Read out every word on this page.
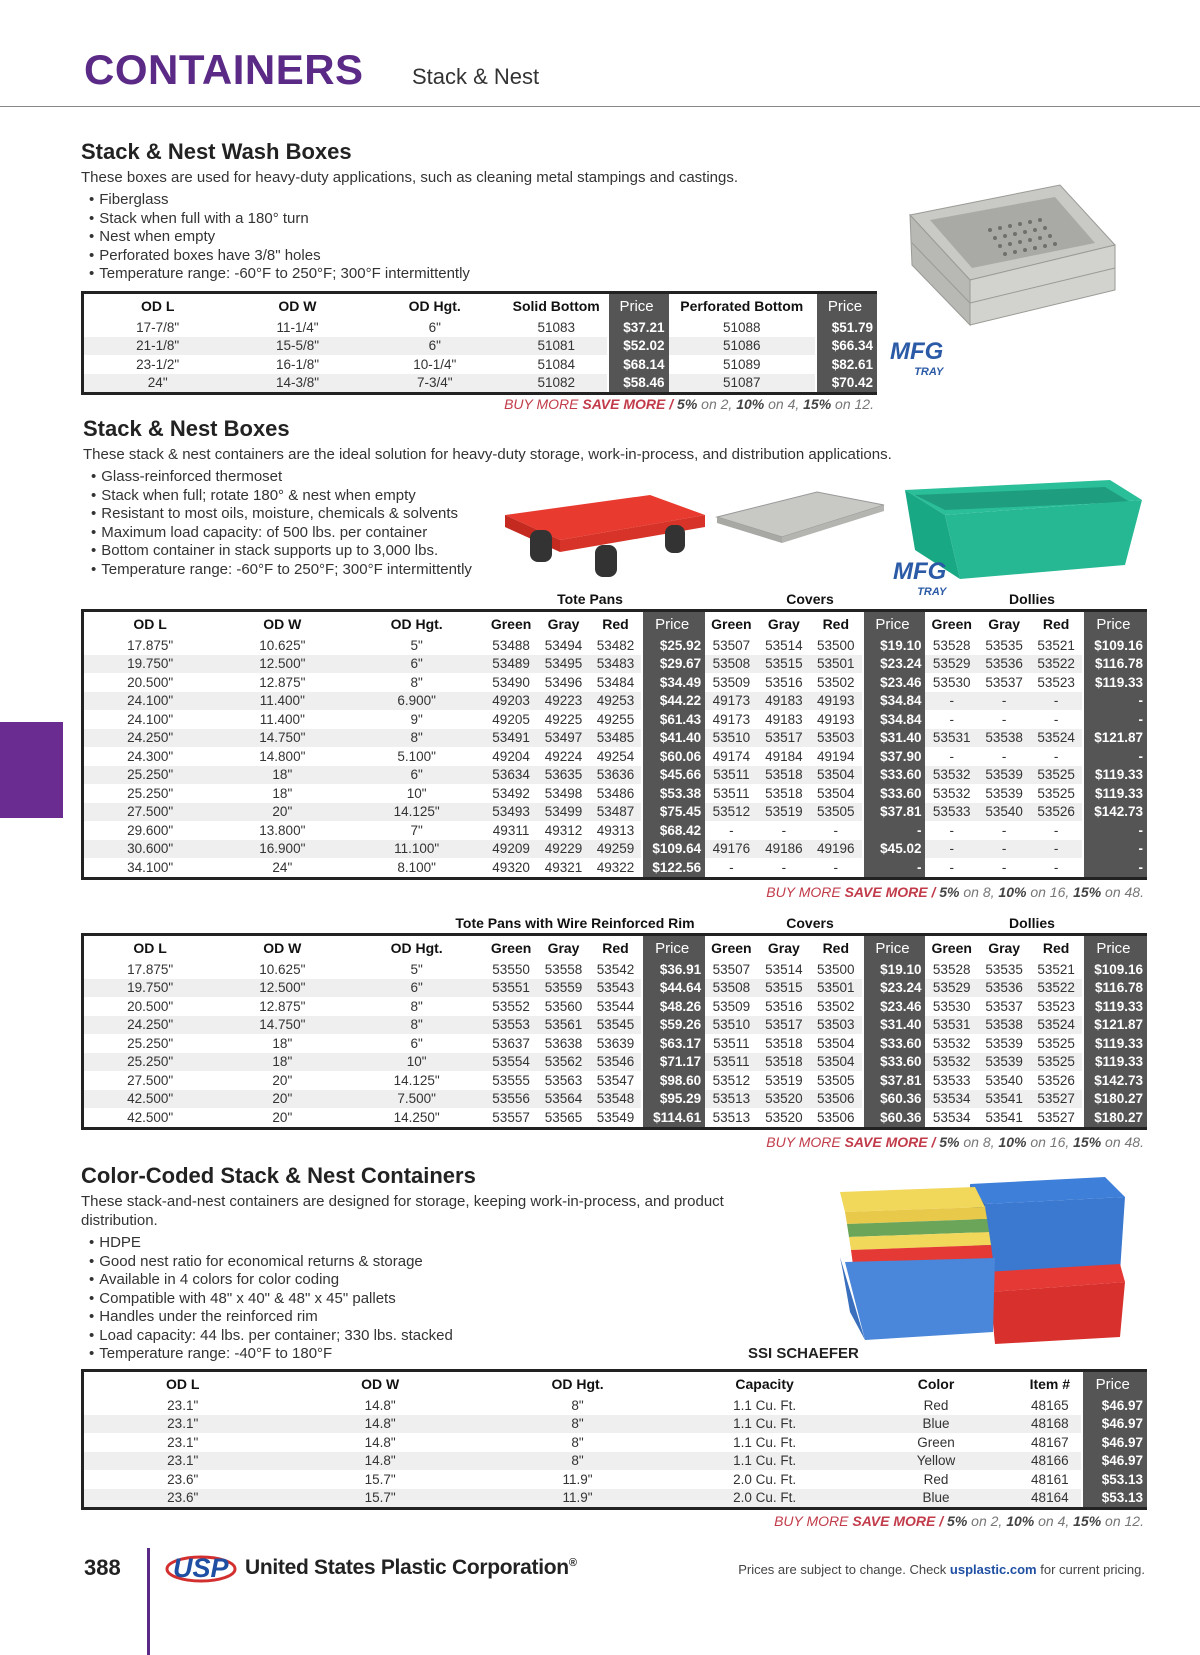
CONTAINERS Stack & Nest
Stack & Nest Wash Boxes
These boxes are used for heavy-duty applications, such as cleaning metal stampings and castings.
• Fiberglass
• Stack when full with a 180° turn
• Nest when empty
• Perforated boxes have 3/8" holes
• Temperature range: -60°F to 250°F; 300°F intermittently
MFG
TRAY
OD L	OD W	OD Hgt.	Solid Bottom	Price	Perforated Bottom	Price
17-7/8"	11-1/4"	6"	51083	$37.21	51088	$51.79
21-1/8"	15-5/8"	6"	51081	$52.02	51086	$66.34
23-1/2"	16-1/8"	10-1/4"	51084	$68.14	51089	$82.61
24"	14-3/8"	7-3/4"	51082	$58.46	51087	$70.42
BUY MORE SAVE MORE / 5% on 2, 10% on 4, 15% on 12.
Stack & Nest Boxes
These stack & nest containers are the ideal solution for heavy-duty storage, work-in-process, and distribution applications.
• Glass-reinforced thermoset
• Stack when full; rotate 180° & nest when empty
• Resistant to most oils, moisture, chemicals & solvents
• Maximum load capacity: of 500 lbs. per container
• Bottom container in stack supports up to 3,000 lbs.
• Temperature range: -60°F to 250°F; 300°F intermittently	MFG
TRAY
Tote Pans	Covers	Dollies
OD L	OD W	OD Hgt.	Green	Gray	Red	Price	Green	Gray	Red	Price	Green	Gray	Red	Price
17.875"	10.625"	5"	53488	53494	53482	$25.92	53507	53514	53500	$19.10	53528	53535	53521	$109.16
19.750"	12.500"	6"	53489	53495	53483	$29.67	53508	53515	53501	$23.24	53529	53536	53522	$116.78
20.500"	12.875"	8"	53490	53496	53484	$34.49	53509	53516	53502	$23.46	53530	53537	53523	$119.33
24.100"	11.400"	6.900"	49203	49223	49253	$44.22	49173	49183	49193	$34.84	-	-	-	-
24.100"	11.400"	9"	49205	49225	49255	$61.43	49173	49183	49193	$34.84	-	-	-	-
24.250"	14.750"	8"	53491	53497	53485	$41.40	53510	53517	53503	$31.40	53531	53538	53524	$121.87
24.300"	14.800"	5.100"	49204	49224	49254	$60.06	49174	49184	49194	$37.90	-	-	-	-
25.250"	18"	6"	53634	53635	53636	$45.66	53511	53518	53504	$33.60	53532	53539	53525	$119.33
25.250"	18"	10"	53492	53498	53486	$53.38	53511	53518	53504	$33.60	53532	53539	53525	$119.33
27.500"	20"	14.125"	53493	53499	53487	$75.45	53512	53519	53505	$37.81	53533	53540	53526	$142.73
29.600"	13.800"	7"	49311	49312	49313	$68.42	-	-	-	-	-	-	-	-
30.600"	16.900"	11.100"	49209	49229	49259	$109.64	49176	49186	49196	$45.02	-	-	-	-
34.100"	24"	8.100"	49320	49321	49322	$122.56	-	-	-	-	-	-	-	-
BUY MORE SAVE MORE / 5% on 8, 10% on 16, 15% on 48.
Tote Pans with Wire Reinforced Rim	Covers	Dollies
OD L	OD W	OD Hgt.	Green	Gray	Red	Price	Green	Gray	Red	Price	Green	Gray	Red	Price
17.875"	10.625"	5"	53550	53558	53542	$36.91	53507	53514	53500	$19.10	53528	53535	53521	$109.16
19.750"	12.500"	6"	53551	53559	53543	$44.64	53508	53515	53501	$23.24	53529	53536	53522	$116.78
20.500"	12.875"	8"	53552	53560	53544	$48.26	53509	53516	53502	$23.46	53530	53537	53523	$119.33
24.250"	14.750"	8"	53553	53561	53545	$59.26	53510	53517	53503	$31.40	53531	53538	53524	$121.87
25.250"	18"	6"	53637	53638	53639	$63.17	53511	53518	53504	$33.60	53532	53539	53525	$119.33
25.250"	18"	10"	53554	53562	53546	$71.17	53511	53518	53504	$33.60	53532	53539	53525	$119.33
27.500"	20"	14.125"	53555	53563	53547	$98.60	53512	53519	53505	$37.81	53533	53540	53526	$142.73
42.500"	20"	7.500"	53556	53564	53548	$95.29	53513	53520	53506	$60.36	53534	53541	53527	$180.27
42.500"	20"	14.250"	53557	53565	53549	$114.61	53513	53520	53506	$60.36	53534	53541	53527	$180.27
BUY MORE SAVE MORE / 5% on 8, 10% on 16, 15% on 48.
Color-Coded Stack & Nest Containers
These stack-and-nest containers are designed for storage, keeping work-in-process, and product distribution.
• HDPE
• Good nest ratio for economical returns & storage
• Available in 4 colors for color coding
• Compatible with 48" x 40" & 48" x 45" pallets
• Handles under the reinforced rim
• Load capacity: 44 lbs. per container; 330 lbs. stacked
• Temperature range: -40°F to 180°F	SSI SCHAEFER
OD L	OD W	OD Hgt.	Capacity	Color	Item #	Price
23.1"	14.8"	8"	1.1 Cu. Ft.	Red	48165	$46.97
23.1"	14.8"	8"	1.1 Cu. Ft.	Blue	48168	$46.97
23.1"	14.8"	8"	1.1 Cu. Ft.	Green	48167	$46.97
23.1"	14.8"	8"	1.1 Cu. Ft.	Yellow	48166	$46.97
23.6"	15.7"	11.9"	2.0 Cu. Ft.	Red	48161	$53.13
23.6"	15.7"	11.9"	2.0 Cu. Ft.	Blue	48164	$53.13
BUY MORE SAVE MORE / 5% on 2, 10% on 4, 15% on 12.
388 USP United States Plastic Corporation®	Prices are subject to change. Check usplastic.com for current pricing.
